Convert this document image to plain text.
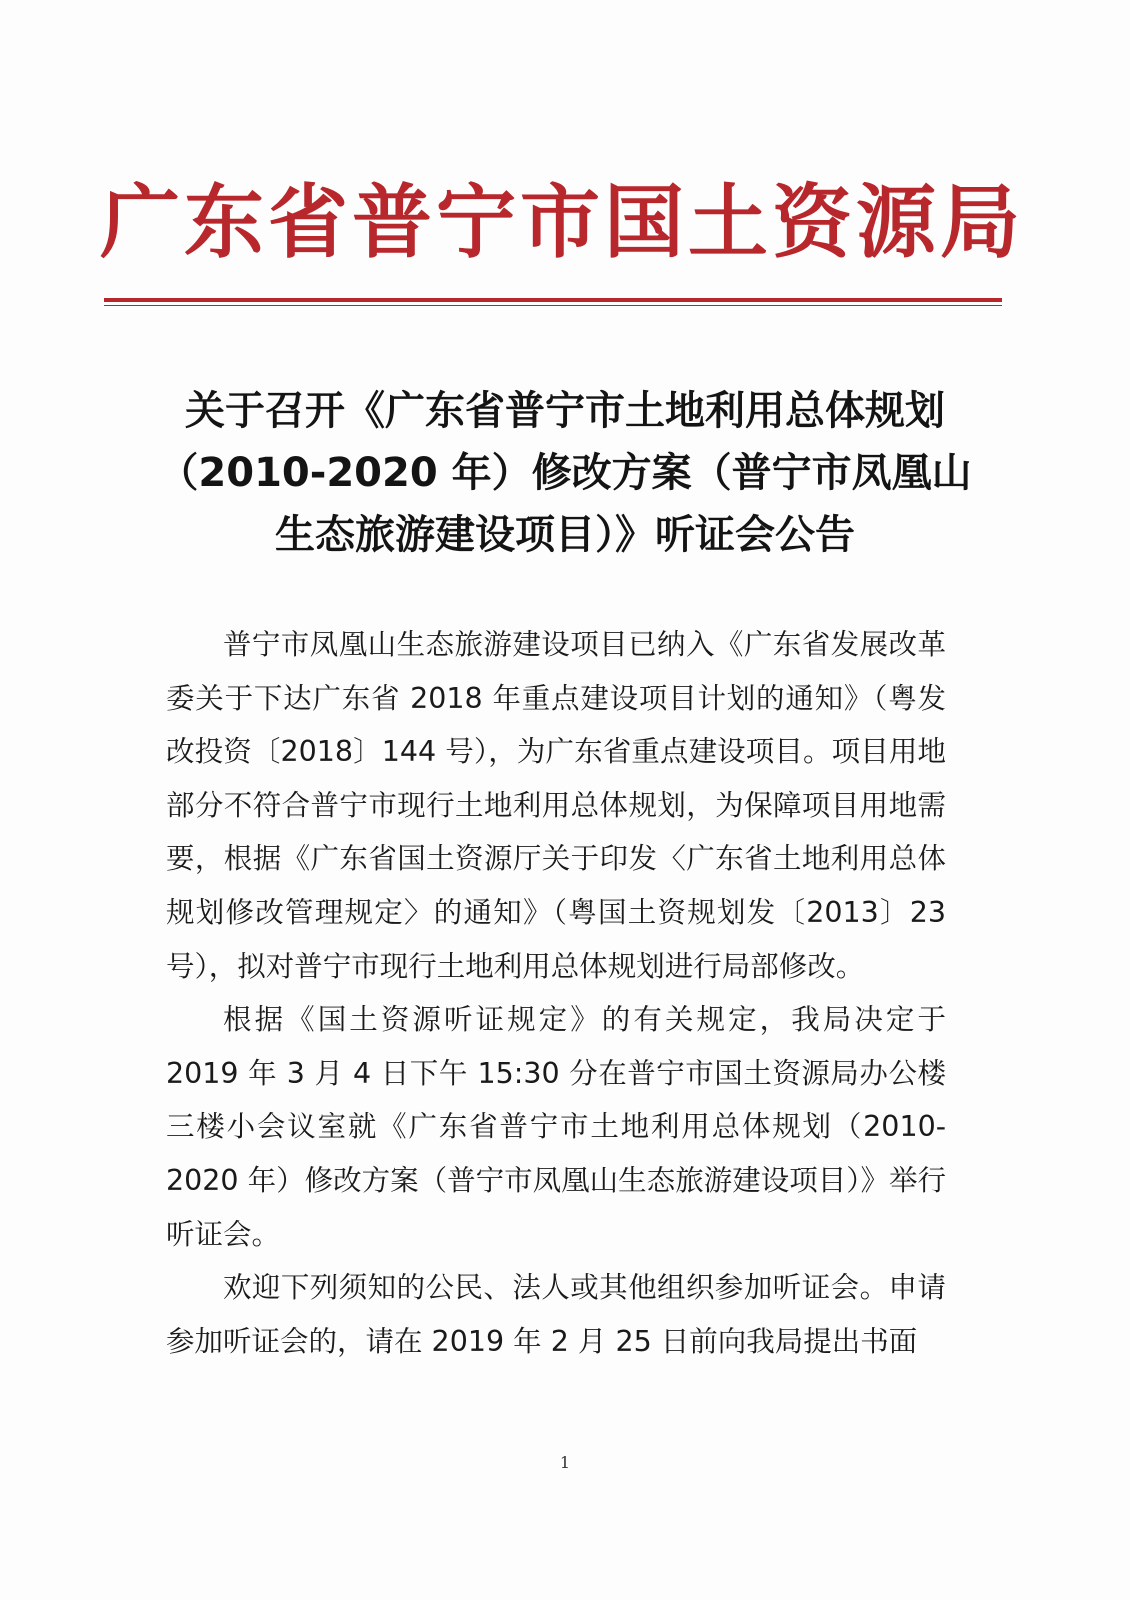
广东省普宁市国土资源局
关于召开《广东省普宁市土地利用总体规划
（2010-2020 年）修改方案（普宁市凤凰山
生态旅游建设项目）》听证会公告

普宁市凤凰山生态旅游建设项目已纳入《广东省发展改革委关于下达广东省 2018 年重点建设项目计划的通知》（粤发改投资〔2018〕144 号），为广东省重点建设项目。项目用地部分不符合普宁市现行土地利用总体规划，为保障项目用地需要，根据《广东省国土资源厅关于印发〈广东省土地利用总体规划修改管理规定〉的通知》（粤国土资规划发〔2013〕23 号），拟对普宁市现行土地利用总体规划进行局部修改。

根据《国土资源听证规定》的有关规定，我局决定于 2019 年 3 月 4 日下午 15:30 分在普宁市国土资源局办公楼三楼小会议室就《广东省普宁市土地利用总体规划（2010-2020 年）修改方案（普宁市凤凰山生态旅游建设项目）》举行听证会。

欢迎下列须知的公民、法人或其他组织参加听证会。申请参加听证会的，请在 2019 年 2 月 25 日前向我局提出书面

1
